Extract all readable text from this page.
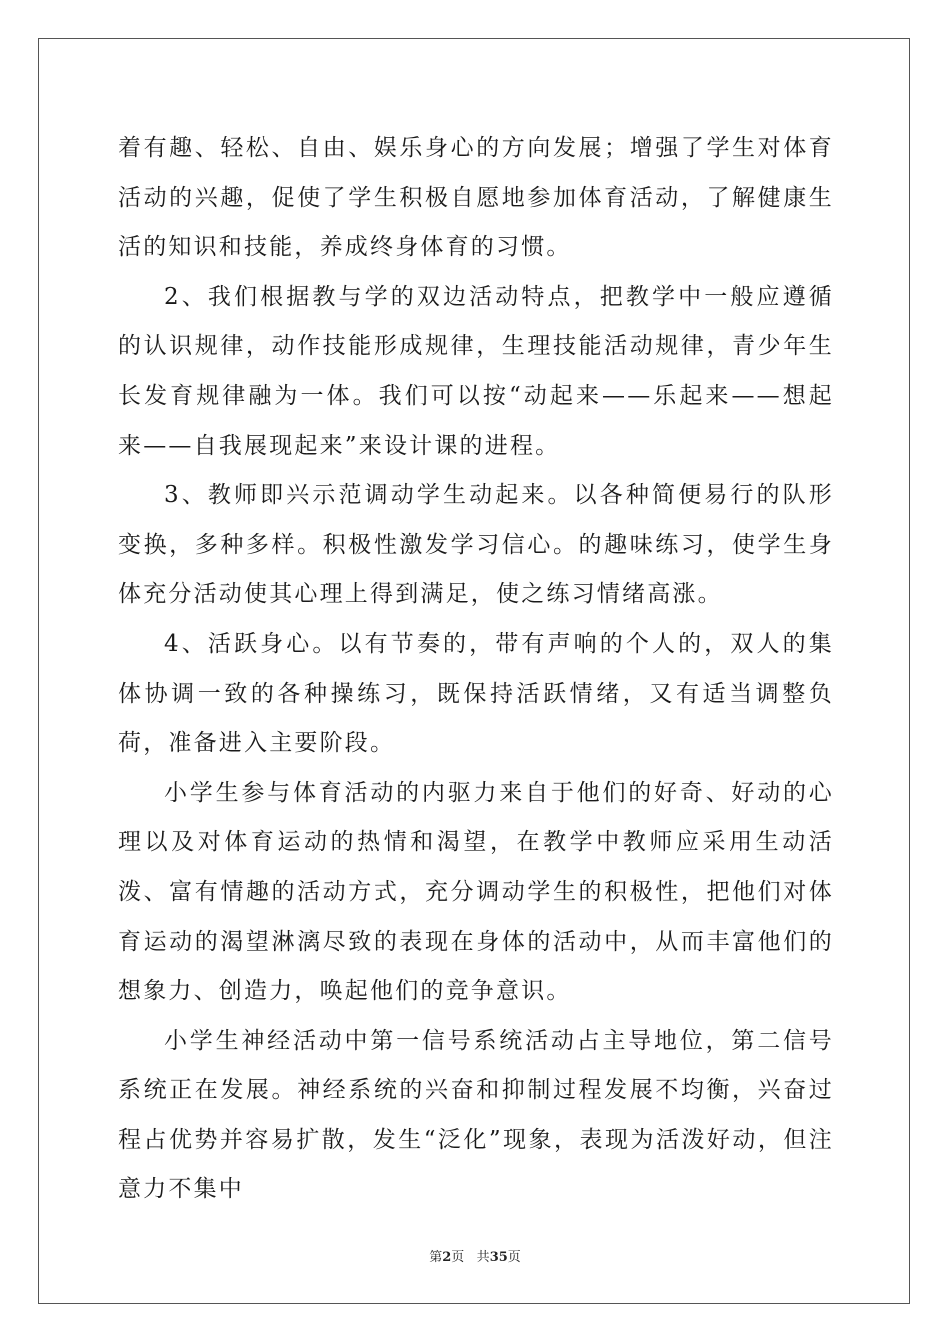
着有趣、轻松、自由、娱乐身心的方向发展；增强了学生对体育活动的兴趣，促使了学生积极自愿地参加体育活动，了解健康生活的知识和技能，养成终身体育的习惯。

2、我们根据教与学的双边活动特点，把教学中一般应遵循的认识规律，动作技能形成规律，生理技能活动规律，青少年生长发育规律融为一体。我们可以按“动起来——乐起来——想起来——自我展现起来”来设计课的进程。

3、教师即兴示范调动学生动起来。以各种简便易行的队形变换，多种多样。积极性激发学习信心。的趣味练习，使学生身体充分活动使其心理上得到满足，使之练习情绪高涨。

4、活跃身心。以有节奏的，带有声响的个人的，双人的集体协调一致的各种操练习，既保持活跃情绪，又有适当调整负荷，准备进入主要阶段。

小学生参与体育活动的内驱力来自于他们的好奇、好动的心理以及对体育运动的热情和渴望，在教学中教师应采用生动活泼、富有情趣的活动方式，充分调动学生的积极性，把他们对体育运动的渴望淋漓尽致的表现在身体的活动中，从而丰富他们的想象力、创造力，唤起他们的竞争意识。

小学生神经活动中第一信号系统活动占主导地位，第二信号系统正在发展。神经系统的兴奋和抑制过程发展不均衡，兴奋过程占优势并容易扩散，发生“泛化”现象，表现为活泼好动，但注意力不集中

第2页 共35页
